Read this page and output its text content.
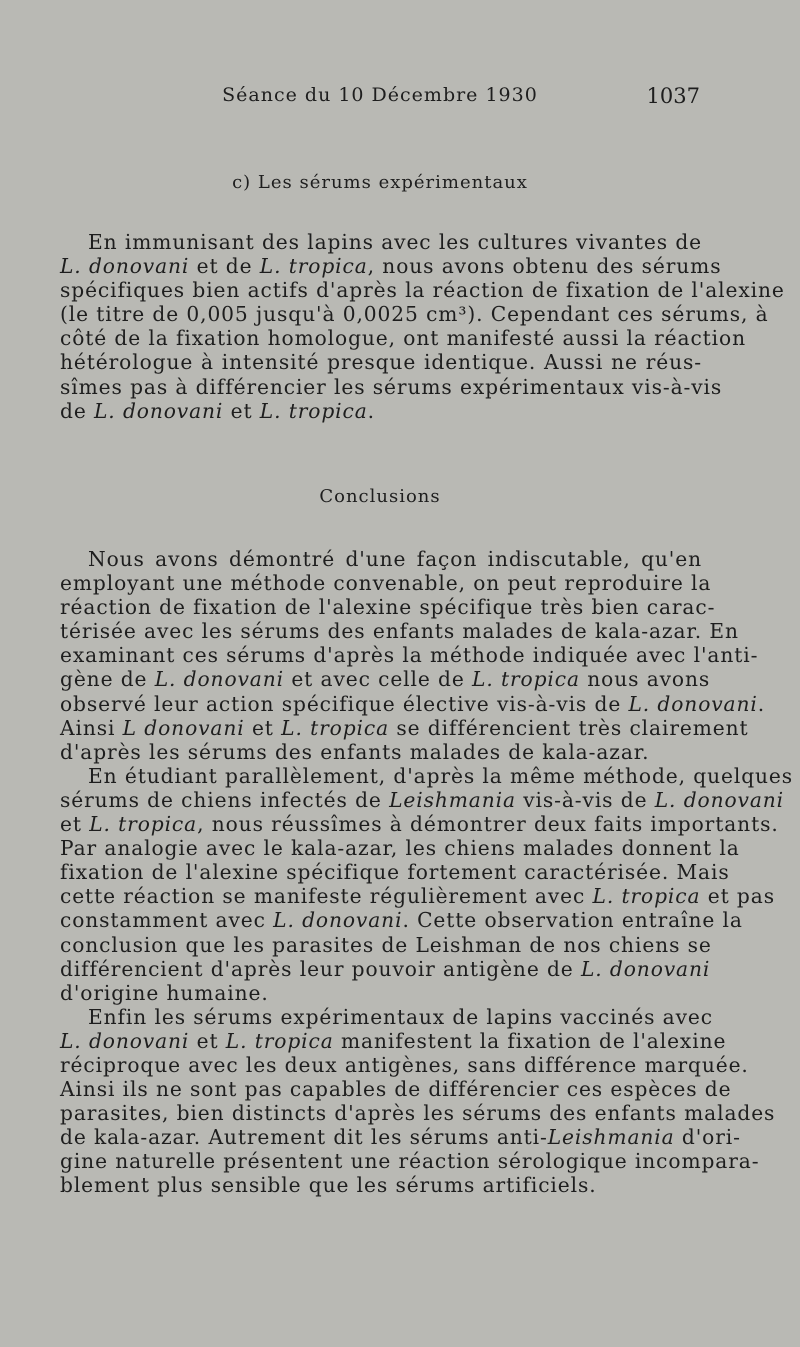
Séance du 10 Décembre 1930	1037
c) Les sérums expérimentaux
En immunisant des lapins avec les cultures vivantes de
L. donovani et de L. tropica, nous avons obtenu des sérums
spécifiques bien actifs d'après la réaction de fixation de l'alexine
(le titre de 0,005 jusqu'à 0,0025 cm³). Cependant ces sérums, à
côté de la fixation homologue, ont manifesté aussi la réaction
hétérologue à intensité presque identique. Aussi ne réus-
sîmes pas à différencier les sérums expérimentaux vis-à-vis
de L. donovani et L. tropica.
Conclusions
Nous avons démontré d'une façon indiscutable, qu'en
employant une méthode convenable, on peut reproduire la
réaction de fixation de l'alexine spécifique très bien carac-
térisée avec les sérums des enfants malades de kala-azar. En
examinant ces sérums d'après la méthode indiquée avec l'anti-
gène de L. donovani et avec celle de L. tropica nous avons
observé leur action spécifique élective vis-à-vis de L. donovani.
Ainsi L donovani et L. tropica se différencient très clairement
d'après les sérums des enfants malades de kala-azar.
En étudiant parallèlement, d'après la même méthode, quelques
sérums de chiens infectés de Leishmania vis-à-vis de L. donovani
et L. tropica, nous réussîmes à démontrer deux faits importants.
Par analogie avec le kala-azar, les chiens malades donnent la
fixation de l'alexine spécifique fortement caractérisée. Mais
cette réaction se manifeste régulièrement avec L. tropica et pas
constamment avec L. donovani. Cette observation entraîne la
conclusion que les parasites de Leishman de nos chiens se
différencient d'après leur pouvoir antigène de L. donovani
d'origine humaine.
Enfin les sérums expérimentaux de lapins vaccinés avec
L. donovani et L. tropica manifestent la fixation de l'alexine
réciproque avec les deux antigènes, sans différence marquée.
Ainsi ils ne sont pas capables de différencier ces espèces de
parasites, bien distincts d'après les sérums des enfants malades
de kala-azar. Autrement dit les sérums anti-Leishmania d'ori-
gine naturelle présentent une réaction sérologique incompara-
blement plus sensible que les sérums artificiels.
